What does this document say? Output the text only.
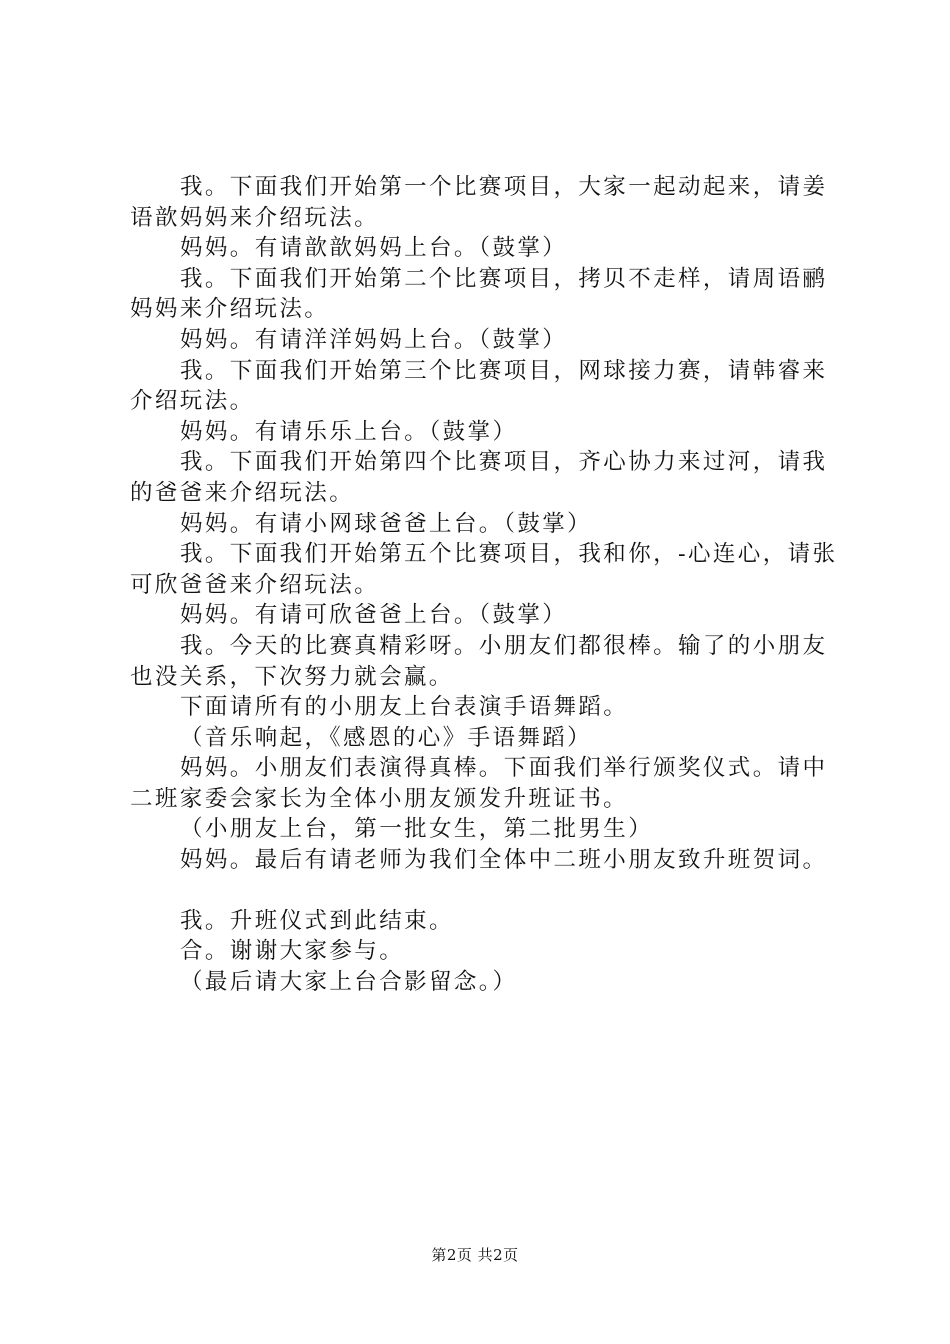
我。下面我们开始第一个比赛项目，大家一起动起来，请姜语歆妈妈来介绍玩法。

妈妈。有请歆歆妈妈上台。（鼓掌）

我。下面我们开始第二个比赛项目，拷贝不走样，请周语鹂妈妈来介绍玩法。

妈妈。有请洋洋妈妈上台。（鼓掌）

我。下面我们开始第三个比赛项目，网球接力赛，请韩睿来介绍玩法。

妈妈。有请乐乐上台。（鼓掌）

我。下面我们开始第四个比赛项目，齐心协力来过河，请我的爸爸来介绍玩法。

妈妈。有请小网球爸爸上台。（鼓掌）

我。下面我们开始第五个比赛项目，我和你，-心连心，请张可欣爸爸来介绍玩法。

妈妈。有请可欣爸爸上台。（鼓掌）

我。今天的比赛真精彩呀。小朋友们都很棒。输了的小朋友也没关系，下次努力就会赢。

下面请所有的小朋友上台表演手语舞蹈。

（音乐响起，《感恩的心》手语舞蹈）

妈妈。小朋友们表演得真棒。下面我们举行颁奖仪式。请中二班家委会家长为全体小朋友颁发升班证书。

（小朋友上台，第一批女生，第二批男生）

妈妈。最后有请老师为我们全体中二班小朋友致升班贺词。

我。升班仪式到此结束。

合。谢谢大家参与。

（最后请大家上台合影留念。）

第2页 共2页
